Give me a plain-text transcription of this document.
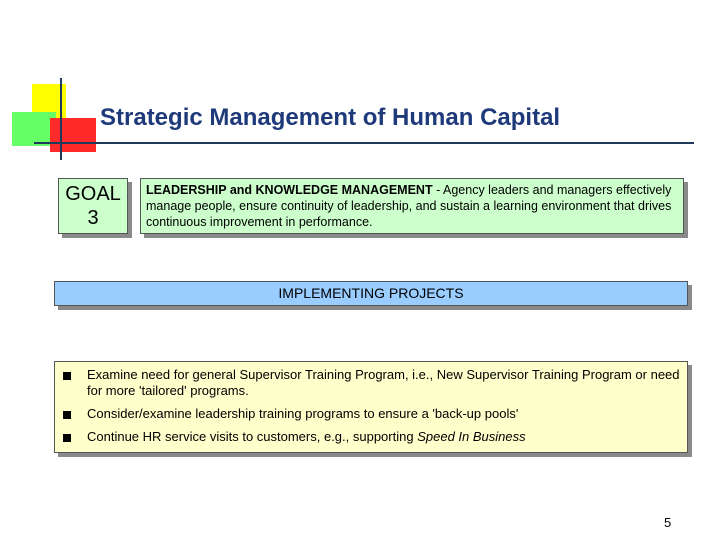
Strategic Management of Human Capital
GOAL
3
LEADERSHIP and KNOWLEDGE MANAGEMENT - Agency leaders and managers effectively manage people, ensure continuity of leadership, and sustain a learning environment that drives continuous improvement in performance.
IMPLEMENTING PROJECTS
Examine need for general Supervisor Training Program, i.e., New Supervisor Training Program or need for more 'tailored' programs.
Consider/examine leadership training programs to ensure a 'back-up pools'
Continue HR service visits to customers, e.g., supporting Speed In Business
5
